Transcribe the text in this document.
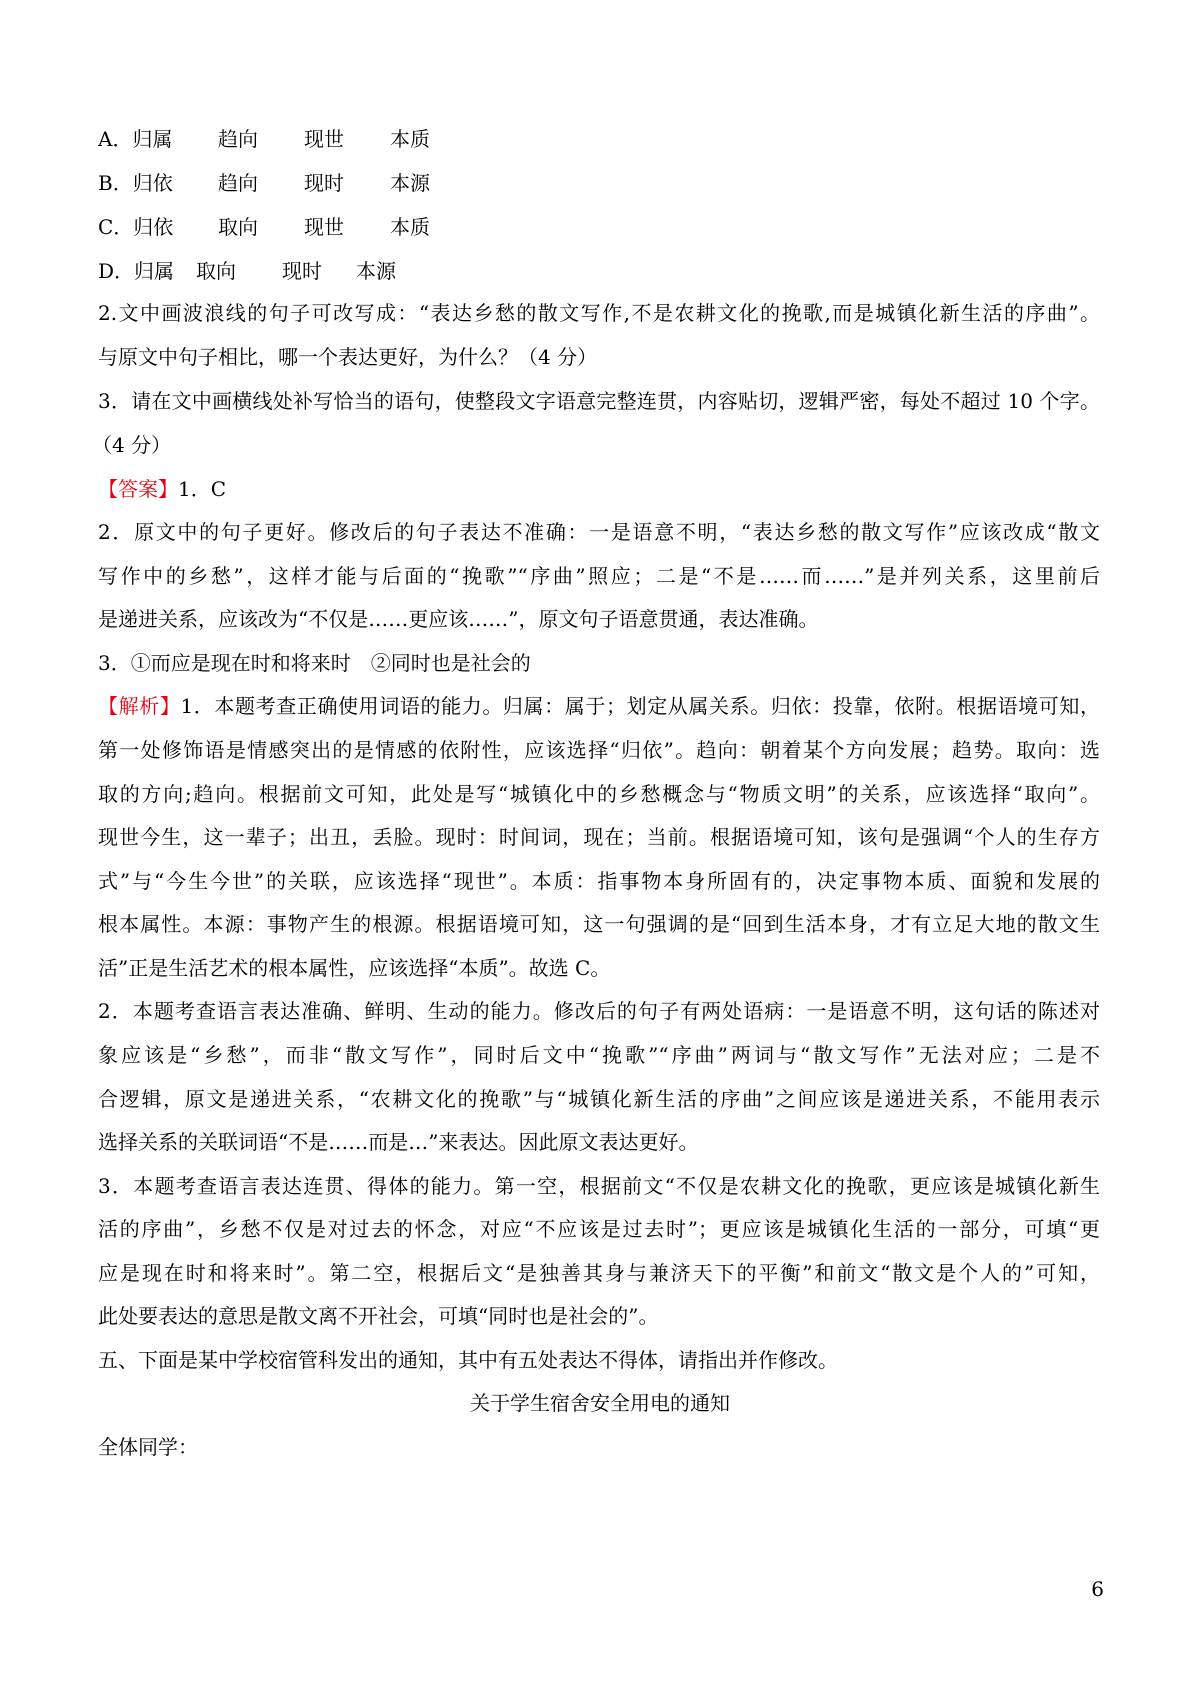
A．归属 趋向 现世 本质
B．归依 趋向 现时 本源
C．归依 取向 现世 本质
D．归属 取向 现时 本源
2.文中画波浪线的句子可改写成：“表达乡愁的散文写作,不是农耕文化的挽歌,而是城镇化新生活的序曲”。
与原文中句子相比，哪一个表达更好，为什么？（4 分）
3．请在文中画横线处补写恰当的语句，使整段文字语意完整连贯，内容贴切，逻辑严密，每处不超过 10 个字。
（4 分）
【答案】1．C
2．原文中的句子更好。修改后的句子表达不准确：一是语意不明，“表达乡愁的散文写作”应该改成“散文
写作中的乡愁”，这样才能与后面的“挽歌”“序曲”照应；二是“不是……而……”是并列关系，这里前后
是递进关系，应该改为“不仅是……更应该……”，原文句子语意贯通，表达准确。
3．①而应是现在时和将来时　②同时也是社会的
【解析】1．本题考查正确使用词语的能力。归属：属于；划定从属关系。归依：投靠，依附。根据语境可知，
第一处修饰语是情感突出的是情感的依附性，应该选择“归依”。趋向：朝着某个方向发展；趋势。取向：选
取的方向;趋向。根据前文可知，此处是写“城镇化中的乡愁概念与“物质文明”的关系，应该选择“取向”。
现世今生，这一辈子；出丑，丢脸。现时：时间词，现在；当前。根据语境可知，该句是强调“个人的生存方
式”与“今生今世”的关联，应该选择“现世”。本质：指事物本身所固有的，决定事物本质、面貌和发展的
根本属性。本源：事物产生的根源。根据语境可知，这一句强调的是“回到生活本身，才有立足大地的散文生
活”正是生活艺术的根本属性，应该选择“本质”。故选 C。
2．本题考查语言表达准确、鲜明、生动的能力。修改后的句子有两处语病：一是语意不明，这句话的陈述对
象应该是“乡愁”，而非“散文写作”，同时后文中“挽歌”“序曲”两词与“散文写作”无法对应；二是不
合逻辑，原文是递进关系，“农耕文化的挽歌”与“城镇化新生活的序曲”之间应该是递进关系，不能用表示
选择关系的关联词语“不是……而是…”来表达。因此原文表达更好。
3．本题考查语言表达连贯、得体的能力。第一空，根据前文“不仅是农耕文化的挽歌，更应该是城镇化新生
活的序曲”，乡愁不仅是对过去的怀念，对应“不应该是过去时”；更应该是城镇化生活的一部分，可填“更
应是现在时和将来时”。第二空，根据后文“是独善其身与兼济天下的平衡”和前文“散文是个人的”可知，
此处要表达的意思是散文离不开社会，可填“同时也是社会的”。
五、下面是某中学校宿管科发出的通知，其中有五处表达不得体，请指出并作修改。
关于学生宿舍安全用电的通知
全体同学：
6
